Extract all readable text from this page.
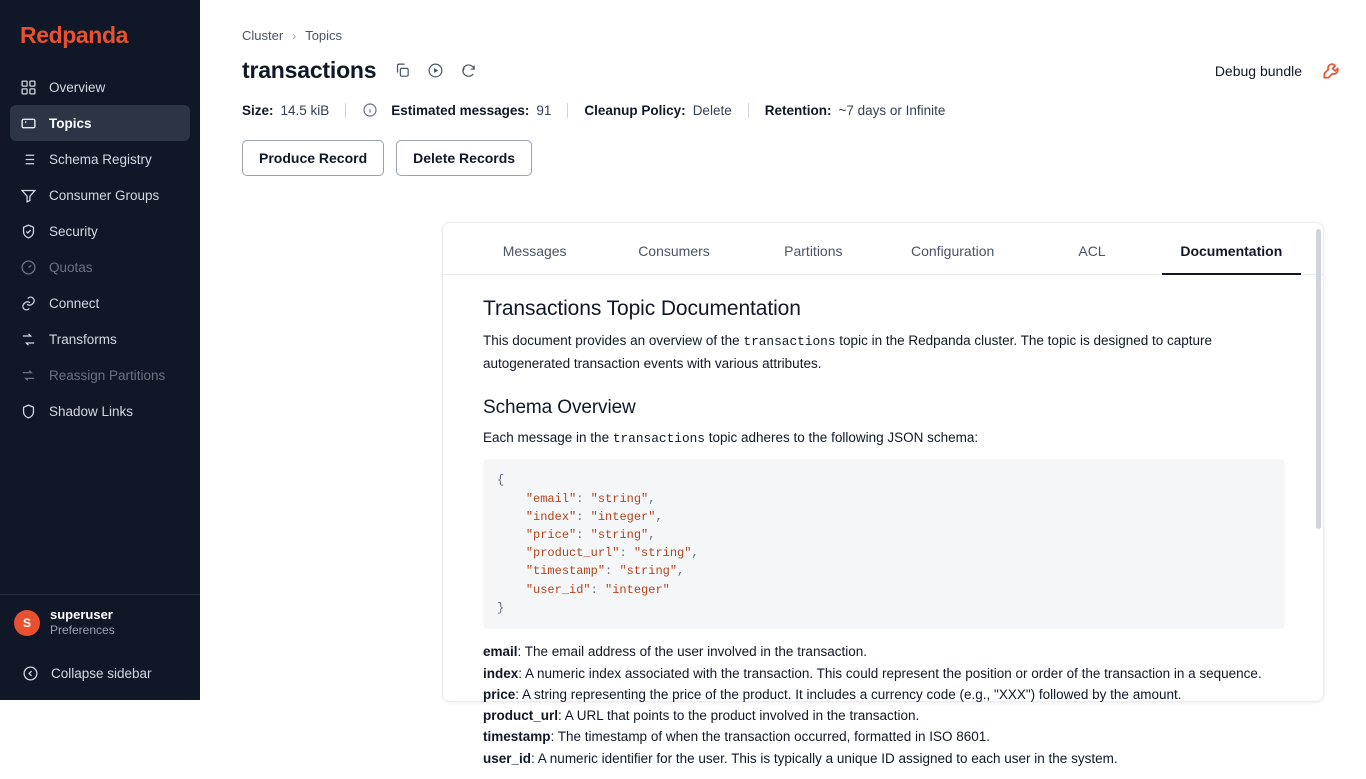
Redpanda
Overview
Topics
Schema Registry
Consumer Groups
Security
Quotas
Connect
Transforms
Reassign Partitions
Shadow Links
S
superuser
Preferences
Collapse sidebar
Cluster › Topics
transactions	Debug bundle
Size: 14.5 kiB	Estimated messages: 91 Cleanup Policy: Delete Retention: ~7 days or Infinite
Produce Record	Delete Records
Messages	Consumers	Partitions	Configuration	ACL	Documentation
Transactions Topic Documentation

This document provides an overview of the transactions topic in the Redpanda cluster. The topic is designed to capture autogenerated transaction events with various attributes.

Schema Overview

Each message in the transactions topic adheres to the following JSON schema:

{
"email": "string",
"index": "integer",
"price": "string",
"product_url": "string",
"timestamp": "string",
"user_id": "integer"
}
email: The email address of the user involved in the transaction.
index: A numeric index associated with the transaction. This could represent the position or order of the transaction in a sequence.
price: A string representing the price of the product. It includes a currency code (e.g., "XXX") followed by the amount.
product_url: A URL that points to the product involved in the transaction.
timestamp: The timestamp of when the transaction occurred, formatted in ISO 8601.
user_id: A numeric identifier for the user. This is typically a unique ID assigned to each user in the system.
